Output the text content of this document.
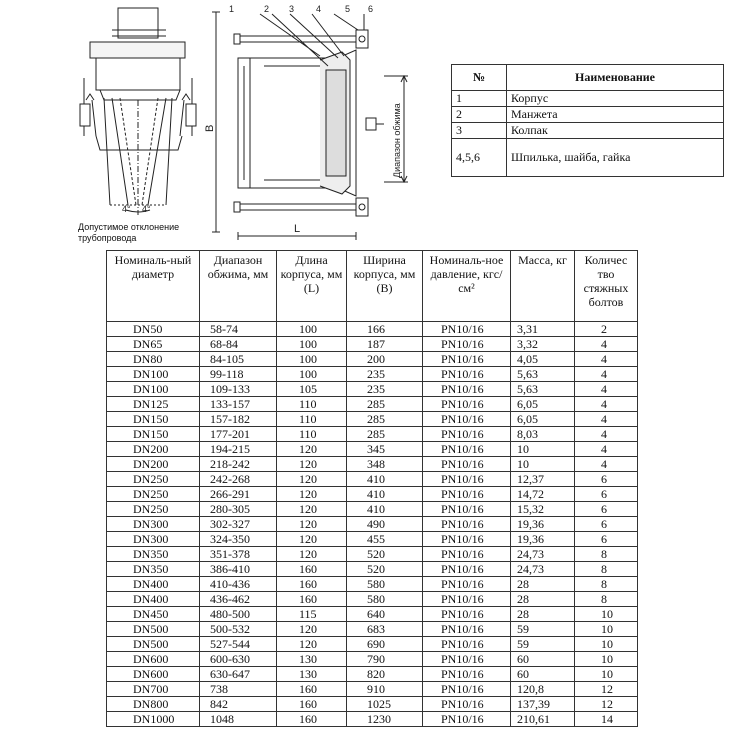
1	2 3 4	5 6
B
L
Диапазон обжима
4° 4°
Допустимое отклонение трубопровода
№	Наименование
1	Корпус
2	Манжета
3	Колпак
4,5,6	Шпилька, шайба, гайка
Номиналь-ный диаметр	Диапазон обжима, мм	Длина корпуса, мм (L)	Ширина корпуса, мм (B)	Номиналь-ное давление, кгс/см²	Масса, кг	Количес тво стяжных болтов
DN50	58-74	100	166	PN10/16	3,31	2
DN65	68-84	100	187	PN10/16	3,32	4
DN80	84-105	100	200	PN10/16	4,05	4
DN100	99-118	100	235	PN10/16	5,63	4
DN100	109-133	105	235	PN10/16	5,63	4
DN125	133-157	110	285	PN10/16	6,05	4
DN150	157-182	110	285	PN10/16	6,05	4
DN150	177-201	110	285	PN10/16	8,03	4
DN200	194-215	120	345	PN10/16	10	4
DN200	218-242	120	348	PN10/16	10	4
DN250	242-268	120	410	PN10/16	12,37	6
DN250	266-291	120	410	PN10/16	14,72	6
DN250	280-305	120	410	PN10/16	15,32	6
DN300	302-327	120	490	PN10/16	19,36	6
DN300	324-350	120	455	PN10/16	19,36	6
DN350	351-378	120	520	PN10/16	24,73	8
DN350	386-410	160	520	PN10/16	24,73	8
DN400	410-436	160	580	PN10/16	28	8
DN400	436-462	160	580	PN10/16	28	8
DN450	480-500	115	640	PN10/16	28	10
DN500	500-532	120	683	PN10/16	59	10
DN500	527-544	120	690	PN10/16	59	10
DN600	600-630	130	790	PN10/16	60	10
DN600	630-647	130	820	PN10/16	60	10
DN700	738	160	910	PN10/16	120,8	12
DN800	842	160	1025	PN10/16	137,39	12
DN1000	1048	160	1230	PN10/16	210,61	14
